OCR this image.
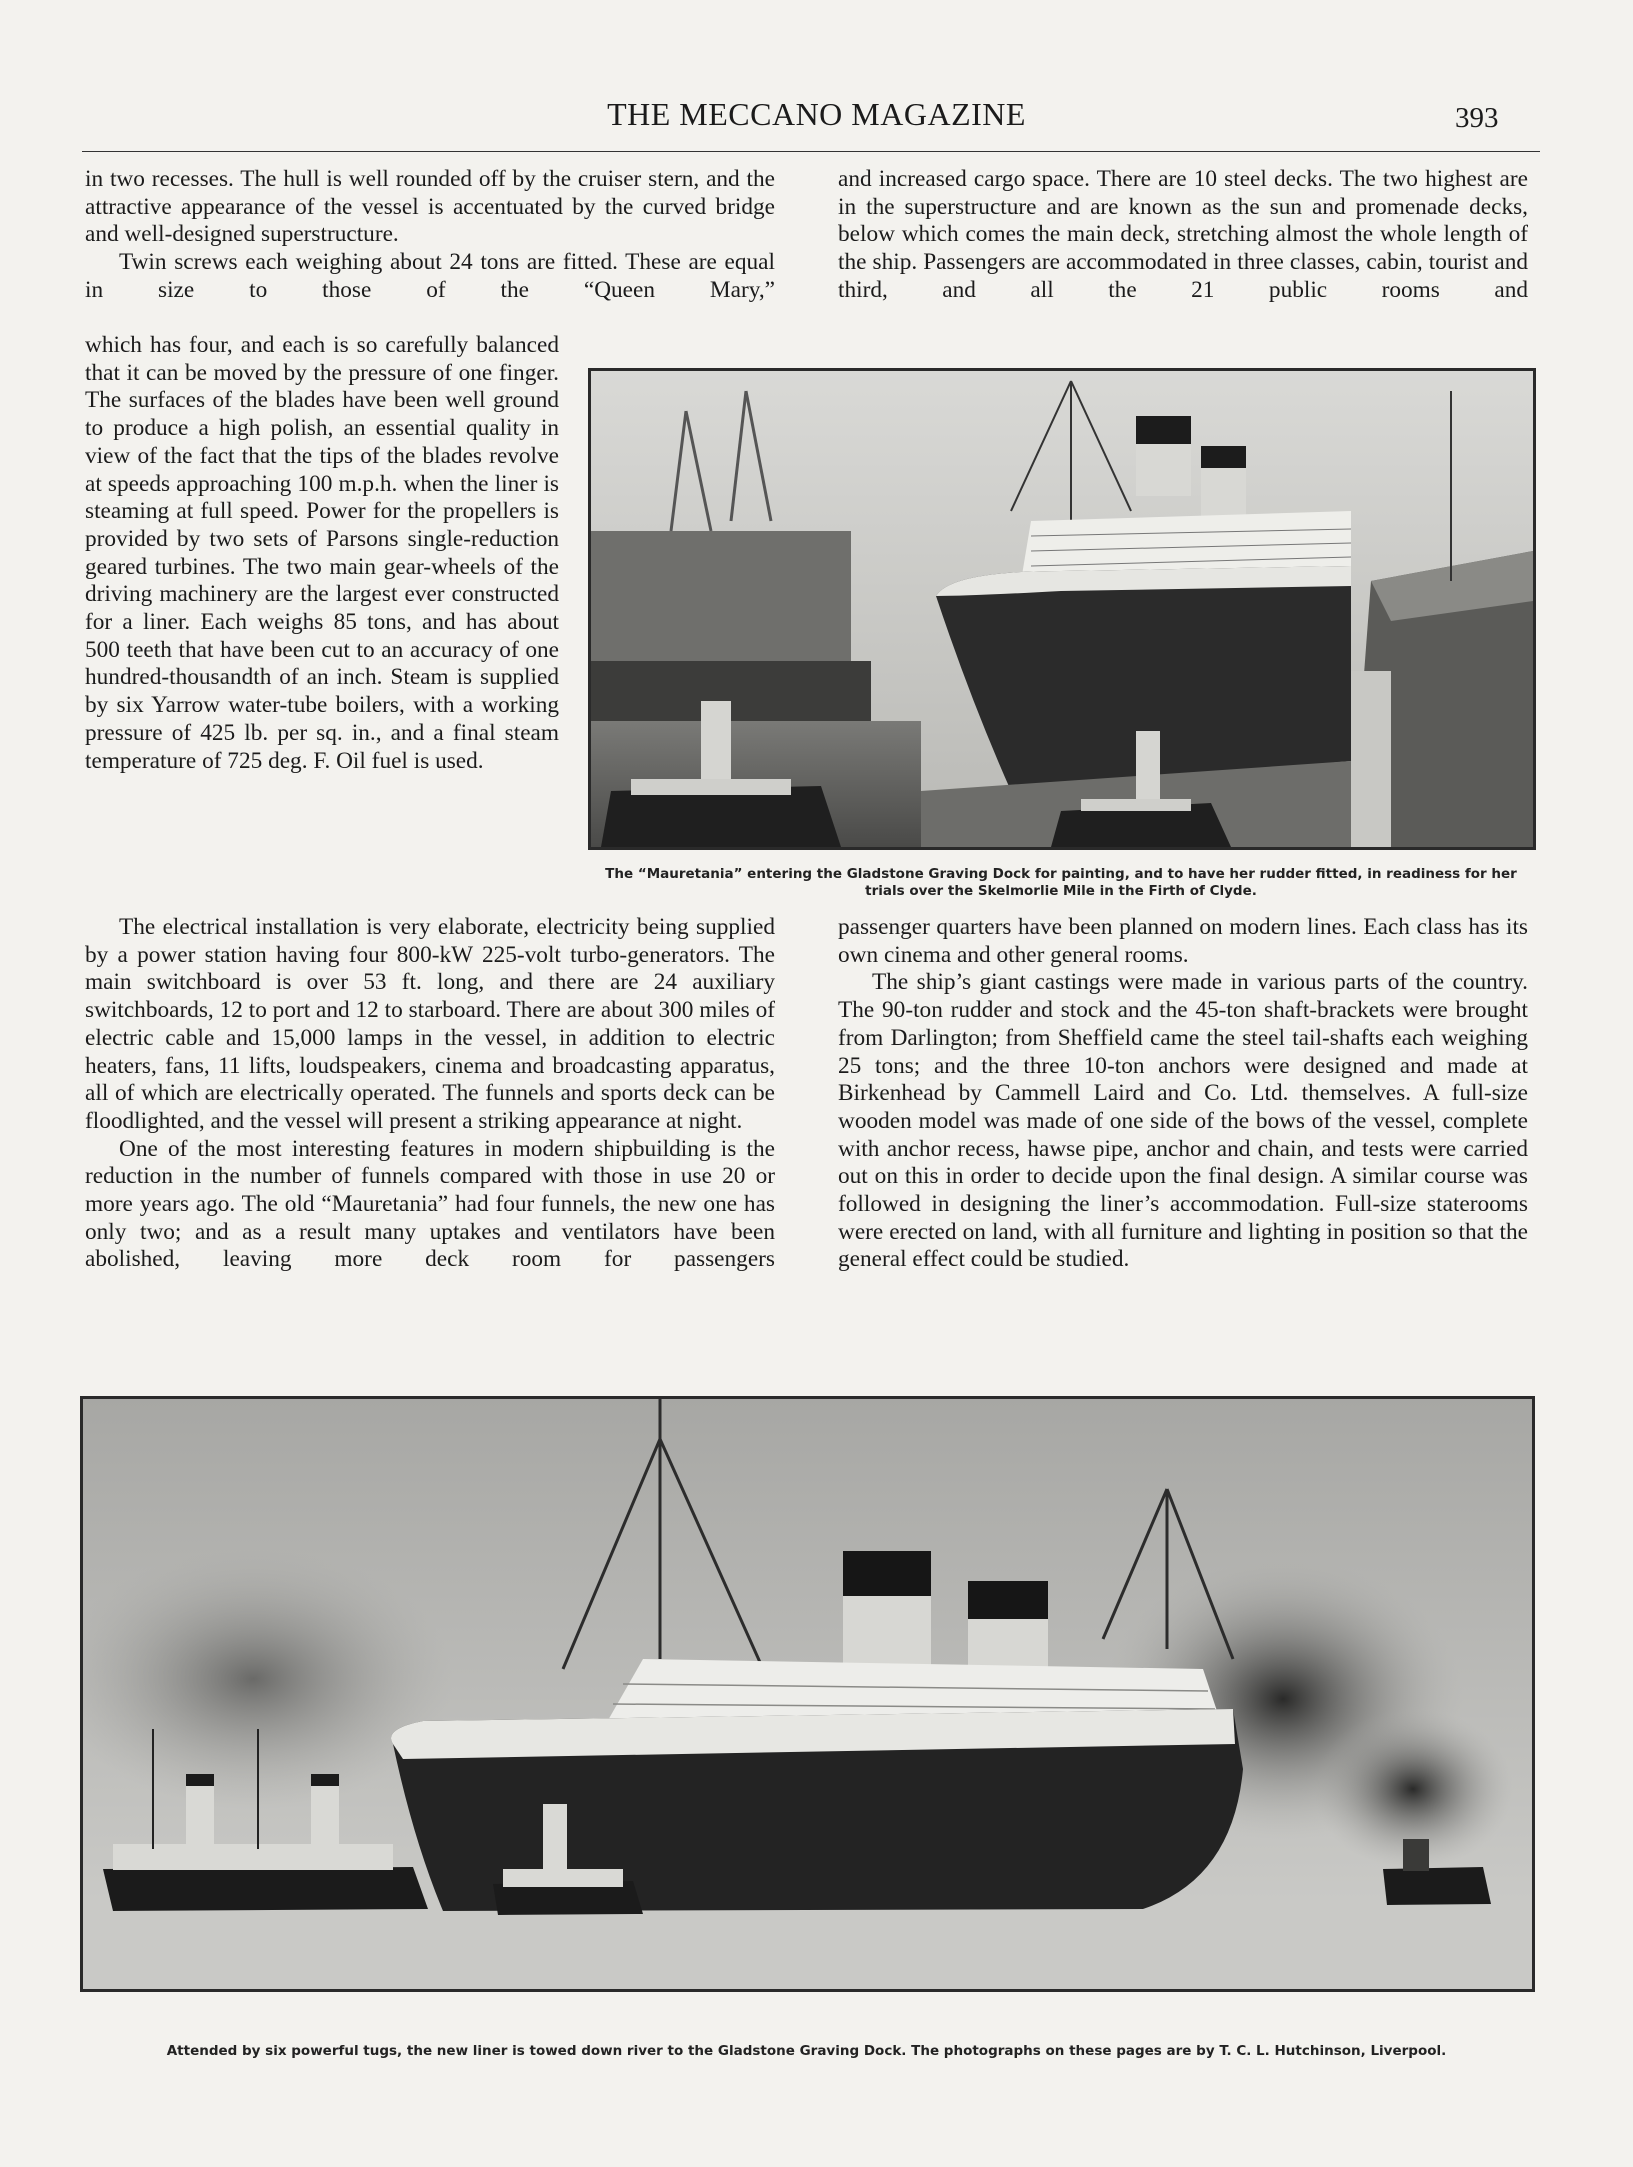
THE MECCANO MAGAZINE	393

in two recesses. The hull is well rounded off by the cruiser stern, and the attractive appearance of the vessel is accentuated by the curved bridge and well-designed superstructure.

Twin screws each weighing about 24 tons are fitted. These are equal in size to those of the “Queen Mary,”

which has four, and each is so carefully balanced that it can be moved by the pressure of one finger. The surfaces of the blades have been well ground to produce a high polish, an essential quality in view of the fact that the tips of the blades revolve at speeds approaching 100 m.p.h. when the liner is steaming at full speed. Power for the propellers is provided by two sets of Parsons single-reduction geared turbines. The two main gear-wheels of the driving machinery are the largest ever constructed for a liner. Each weighs 85 tons, and has about 500 teeth that have been cut to an accuracy of one hundred-thousandth of an inch. Steam is supplied by six Yarrow water-tube boilers, with a working pressure of 425 lb. per sq. in., and a final steam temperature of 725 deg. F. Oil fuel is used.

and increased cargo space. There are 10 steel decks. The two highest are in the superstructure and are known as the sun and promenade decks, below which comes the main deck, stretching almost the whole length of the ship. Passengers are accommodated in three classes, cabin, tourist and third, and all the 21 public rooms and

The “Mauretania” entering the Gladstone Graving Dock for painting, and to have her rudder fitted, in readiness for her trials over the Skelmorlie Mile in the Firth of Clyde.

The electrical installation is very elaborate, electricity being supplied by a power station having four 800-kW 225-volt turbo-generators. The main switchboard is over 53 ft. long, and there are 24 auxiliary switchboards, 12 to port and 12 to starboard. There are about 300 miles of electric cable and 15,000 lamps in the vessel, in addition to electric heaters, fans, 11 lifts, loudspeakers, cinema and broadcasting apparatus, all of which are electrically operated. The funnels and sports deck can be floodlighted, and the vessel will present a striking appearance at night.

One of the most interesting features in modern shipbuilding is the reduction in the number of funnels compared with those in use 20 or more years ago. The old “Mauretania” had four funnels, the new one has only two; and as a result many uptakes and ventilators have been abolished, leaving more deck room for passengers

passenger quarters have been planned on modern lines. Each class has its own cinema and other general rooms.

The ship’s giant castings were made in various parts of the country. The 90-ton rudder and stock and the 45-ton shaft-brackets were brought from Darlington; from Sheffield came the steel tail-shafts each weighing 25 tons; and the three 10-ton anchors were designed and made at Birkenhead by Cammell Laird and Co. Ltd. themselves. A full-size wooden model was made of one side of the bows of the vessel, complete with anchor recess, hawse pipe, anchor and chain, and tests were carried out on this in order to decide upon the final design. A similar course was followed in designing the liner’s accommodation. Full-size staterooms were erected on land, with all furniture and lighting in position so that the general effect could be studied.

Attended by six powerful tugs, the new liner is towed down river to the Gladstone Graving Dock. The photographs on these pages are by T. C. L. Hutchinson, Liverpool.
